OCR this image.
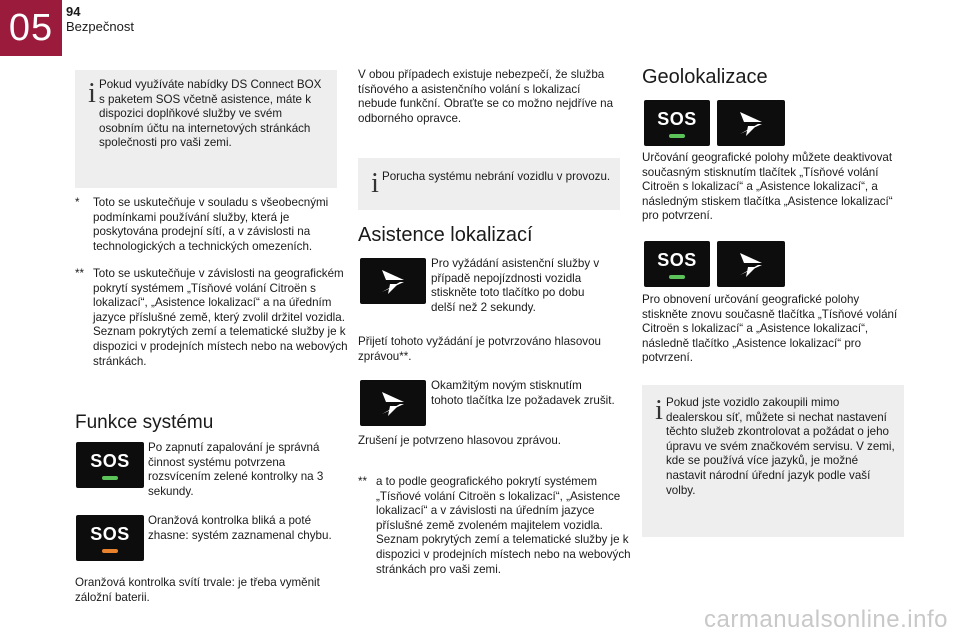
05 94
Bezpečnost
i Pokud využíváte nabídky DS Connect BOX s paketem SOS včetně asistence, máte k dispozici doplňkové služby ve svém osobním účtu na internetových stránkách společnosti pro vaši zemi.
* Toto se uskutečňuje v souladu s všeobecnými podmínkami používání služby, která je poskytována prodejní sítí, a v závislosti na technologických a technických omezeních.

** Toto se uskutečňuje v závislosti na geografickém pokrytí systémem „Tísňové volání Citroën s lokalizací“, „Asistence lokalizací“ a na úředním jazyce příslušné země, který zvolil držitel vozidla. Seznam pokrytých zemí a telematické služby je k dispozici v prodejních místech nebo na webových stránkách.

Funkce systému
SOS
Po zapnutí zapalování je správná činnost systému potvrzena rozsvícením zelené kontrolky na 3 sekundy.
SOS
Oranžová kontrolka bliká a poté zhasne: systém zaznamenal chybu.
Oranžová kontrolka svítí trvale: je třeba vyměnit záložní baterii.
V obou případech existuje nebezpečí, že služba tísňového a asistenčního volání s lokalizací nebude funkční. Obraťte se co možno nejdříve na odborného opravce.
i Porucha systému nebrání vozidlu v provozu.
Asistence lokalizací
Pro vyžádání asistenční služby v případě nepojízdnosti vozidla stiskněte toto tlačítko po dobu delší než 2 sekundy.
Přijetí tohoto vyžádání je potvrzováno hlasovou zprávou**.
Okamžitým novým stisknutím tohoto tlačítka lze požadavek zrušit.
Zrušení je potvrzeno hlasovou zprávou.
** a to podle geografického pokrytí systémem „Tísňové volání Citroën s lokalizací“, „Asistence lokalizací“ a v závislosti na úředním jazyce příslušné země zvoleném majitelem vozidla. Seznam pokrytých zemí a telematické služby je k dispozici v prodejních místech nebo na webových stránkách pro vaši zemi.

Geolokalizace
SOS
Určování geografické polohy můžete deaktivovat současným stisknutím tlačítek „Tísňové volání Citroën s lokalizací“ a „Asistence lokalizací“, a následným stiskem tlačítka „Asistence lokalizací“ pro potvrzení.
SOS
Pro obnovení určování geografické polohy stiskněte znovu současně tlačítka „Tísňové volání Citroën s lokalizací“ a „Asistence lokalizací“, následně tlačítko „Asistence lokalizací“ pro potvrzení.
i Pokud jste vozidlo zakoupili mimo dealerskou síť, můžete si nechat nastavení těchto služeb zkontrolovat a požádat o jeho úpravu ve svém značkovém servisu. V zemi, kde se používá více jazyků, je možné nastavit národní úřední jazyk podle vaší volby.
carmanualsonline.info
